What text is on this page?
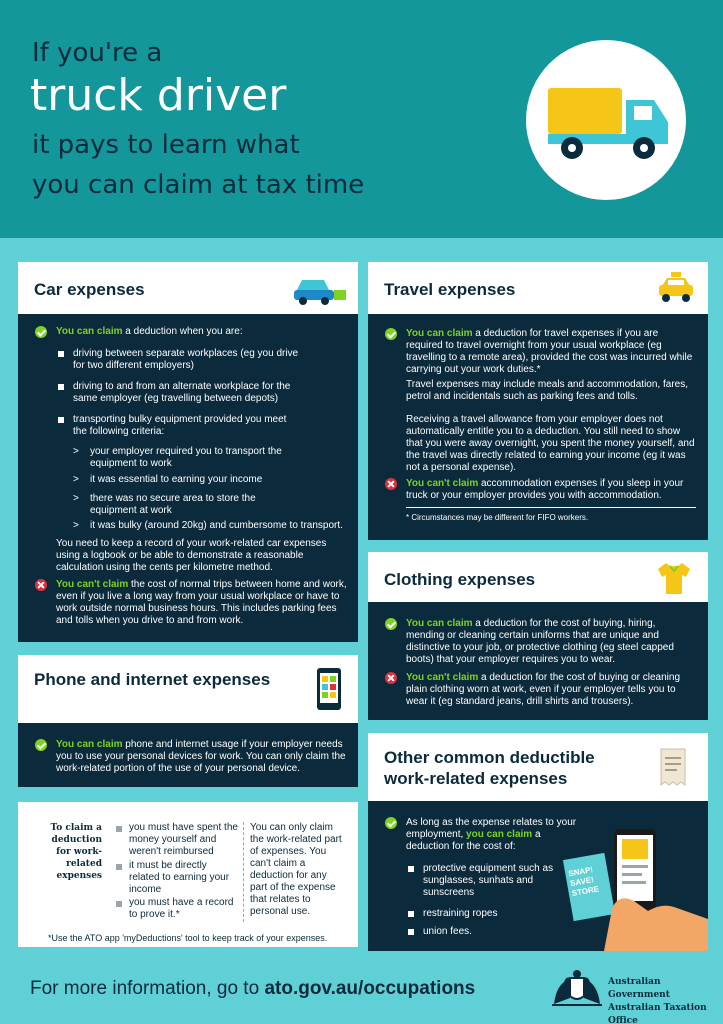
If you're a
truck driver
it pays to learn what
you can claim at tax time
Car expenses
You can claim a deduction when you are:
driving between separate workplaces (eg you drive for two different employers)
driving to and from an alternate workplace for the same employer (eg travelling between depots)
transporting bulky equipment provided you meet the following criteria:
> your employer required you to transport the equipment to work
> it was essential to earning your income
> there was no secure area to store the equipment at work
> it was bulky (around 20kg) and cumbersome to transport.
You need to keep a record of your work-related car expenses using a logbook or be able to demonstrate a reasonable calculation using the cents per kilometre method.
You can't claim the cost of normal trips between home and work, even if you live a long way from your usual workplace or have to work outside normal business hours. This includes parking fees and tolls when you drive to and from work.
Phone and internet expenses
You can claim phone and internet usage if your employer needs you to use your personal devices for work. You can only claim the work-related portion of the use of your personal device.
To claim a deduction for work-related expenses
you must have spent the money yourself and weren't reimbursed
it must be directly related to earning your income
you must have a record to prove it.*
You can only claim the work-related part of expenses. You can't claim a deduction for any part of the expense that relates to personal use.
*Use the ATO app 'myDeductions' tool to keep track of your expenses.
Travel expenses
You can claim a deduction for travel expenses if you are required to travel overnight from your usual workplace (eg travelling to a remote area), provided the cost was incurred while carrying out your work duties.*
Travel expenses may include meals and accommodation, fares, petrol and incidentals such as parking fees and tolls.
Receiving a travel allowance from your employer does not automatically entitle you to a deduction. You still need to show that you were away overnight, you spent the money yourself, and the travel was directly related to earning your income (eg it was not a personal expense).
You can't claim accommodation expenses if you sleep in your truck or your employer provides you with accommodation.
* Circumstances may be different for FIFO workers.
Clothing expenses
You can claim a deduction for the cost of buying, hiring, mending or cleaning certain uniforms that are unique and distinctive to your job, or protective clothing (eg steel capped boots) that your employer requires you to wear.
You can't claim a deduction for the cost of buying or cleaning plain clothing worn at work, even if your employer tells you to wear it (eg standard jeans, drill shirts and trousers).
Other common deductible work-related expenses
As long as the expense relates to your employment, you can claim a deduction for the cost of:
protective equipment such as sunglasses, sunhats and sunscreens
restraining ropes
union fees.
SNAP! SAVE! STORE
For more information, go to ato.gov.au/occupations	Australian Government
Australian Taxation Office
